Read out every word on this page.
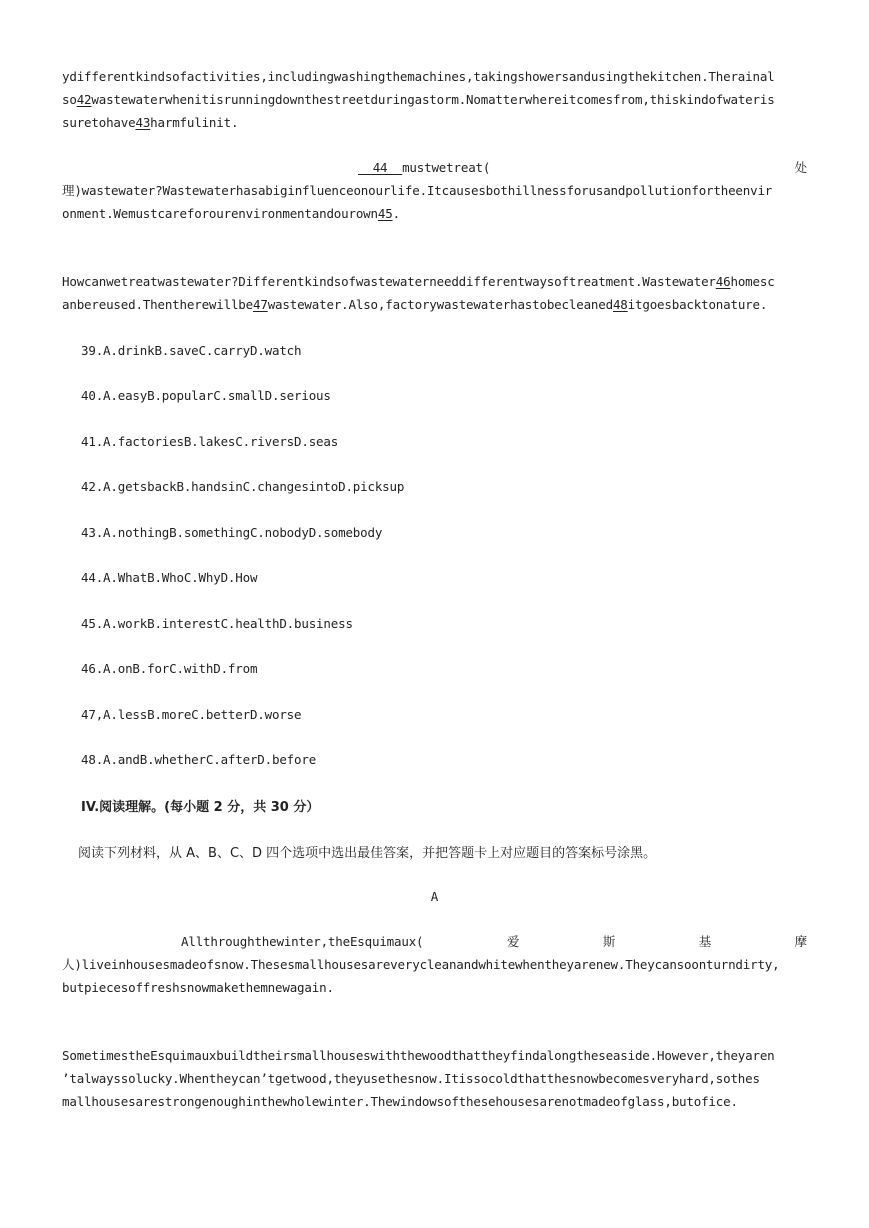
ydifferentkindsofactivities,includingwashingthemachines,takingshowersandusingthekitchen.Therainal
so42wastewaterwhenitisrunningdownthestreetduringastorm.Nomatterwhereitcomesfrom,thiskindofwateris
suretohave43harmfulinit.
__44__mustwetreat(	处
理)wastewater?Wastewaterhasabiginfluenceonourlife.Itcausesbothillnessforusandpollutionfortheenvir
onment.Wemustcareforourenvironmentandourown45.
Howcanwetreatwastewater?Differentkindsofwastewaterneeddifferentwaysoftreatment.Wastewater46homesc
anbereused.Thentherewillbe47wastewater.Also,factorywastewaterhastobecleaned48itgoesbacktonature.
39.A.drinkB.saveC.carryD.watch
40.A.easyB.popularC.smallD.serious
41.A.factoriesB.lakesC.riversD.seas
42.A.getsbackB.handsinC.changesintoD.picksup
43.A.nothingB.somethingC.nobodyD.somebody
44.A.WhatB.WhoC.WhyD.How
45.A.workB.interestC.healthD.business
46.A.onB.forC.withD.from
47,A.lessB.moreC.betterD.worse
48.A.andB.whetherC.afterD.before
IV.阅读理解。(每小题 2 分，共 30 分）
阅读下列材料，从 A、B、C、D 四个选项中选出最佳答案，并把答题卡上对应题目的答案标号涂黑。
A
Allthroughthewinter,theEsquimaux(	爱	斯	基	摩
人)liveinhousesmadeofsnow.Thesesmallhousesareverycleanandwhitewhentheyarenew.Theycansoonturndirty,
butpiecesoffreshsnowmakethemnewagain.
SometimestheEsquimauxbuildtheirsmallhouseswiththewoodthattheyfindalongtheseaside.However,theyaren
’talwayssolucky.Whentheycan’tgetwood,theyusethesnow.Itissocoldthatthesnowbecomesveryhard,sothes
mallhousesarestrongenoughinthewholewinter.Thewindowsofthesehousesarenotmadeofglass,butofice.
